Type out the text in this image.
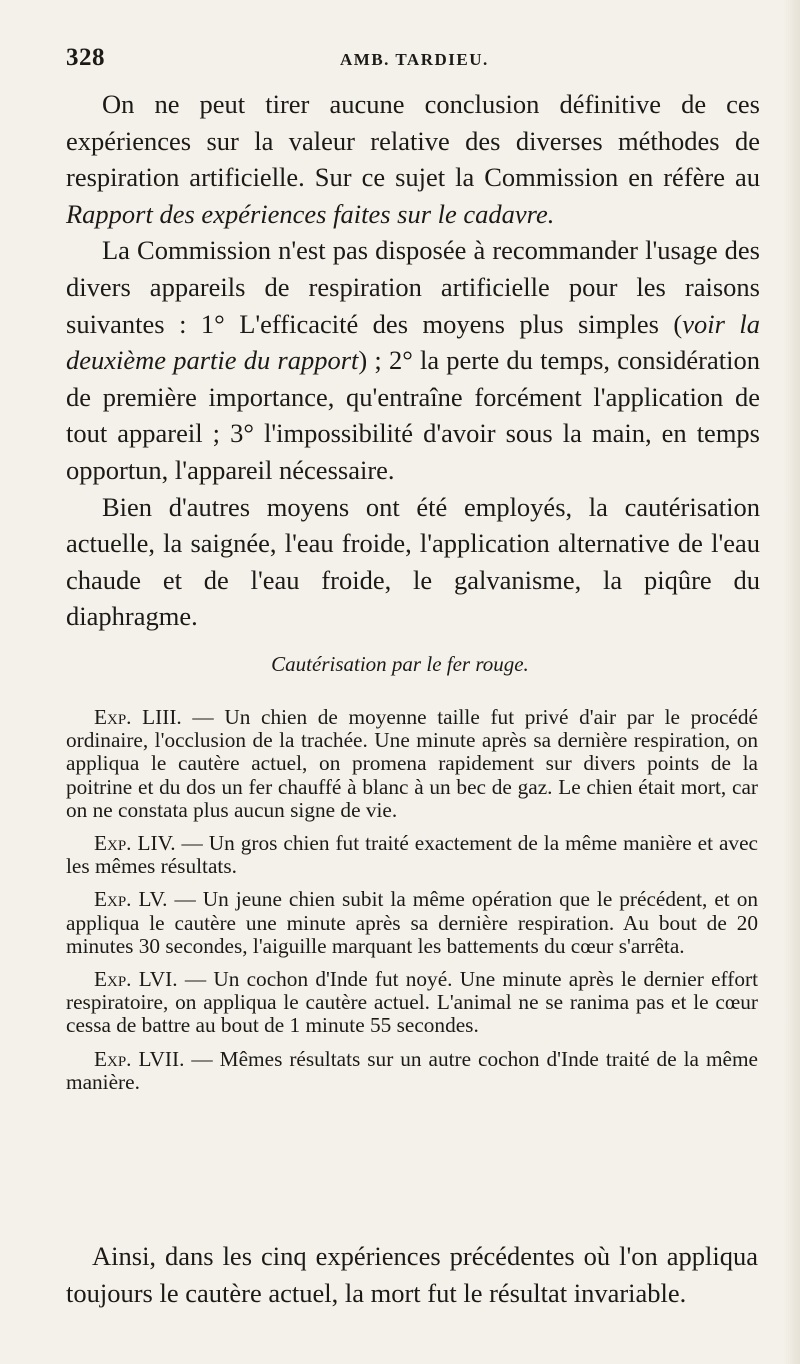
328	AMB. TARDIEU.

On ne peut tirer aucune conclusion définitive de ces expériences sur la valeur relative des diverses méthodes de respiration artificielle. Sur ce sujet la Commission en réfère au Rapport des expériences faites sur le cadavre.

La Commission n'est pas disposée à recommander l'usage des divers appareils de respiration artificielle pour les raisons suivantes : 1° L'efficacité des moyens plus simples (voir la deuxième partie du rapport) ; 2° la perte du temps, considération de première importance, qu'entraîne forcément l'application de tout appareil ; 3° l'impossibilité d'avoir sous la main, en temps opportun, l'appareil nécessaire.

Bien d'autres moyens ont été employés, la cautérisation actuelle, la saignée, l'eau froide, l'application alternative de l'eau chaude et de l'eau froide, le galvanisme, la piqûre du diaphragme.

Cautérisation par le fer rouge.

Exp. LIII. — Un chien de moyenne taille fut privé d'air par le procédé ordinaire, l'occlusion de la trachée. Une minute après sa dernière respiration, on appliqua le cautère actuel, on promena rapidement sur divers points de la poitrine et du dos un fer chauffé à blanc à un bec de gaz. Le chien était mort, car on ne constata plus aucun signe de vie.

Exp. LIV. — Un gros chien fut traité exactement de la même manière et avec les mêmes résultats.

Exp. LV. — Un jeune chien subit la même opération que le précédent, et on appliqua le cautère une minute après sa dernière respiration. Au bout de 20 minutes 30 secondes, l'aiguille marquant les battements du cœur s'arrêta.

Exp. LVI. — Un cochon d'Inde fut noyé. Une minute après le dernier effort respiratoire, on appliqua le cautère actuel. L'animal ne se ranima pas et le cœur cessa de battre au bout de 1 minute 55 secondes.

Exp. LVII. — Mêmes résultats sur un autre cochon d'Inde traité de la même manière.

Ainsi, dans les cinq expériences précédentes où l'on appliqua toujours le cautère actuel, la mort fut le résultat invariable.
